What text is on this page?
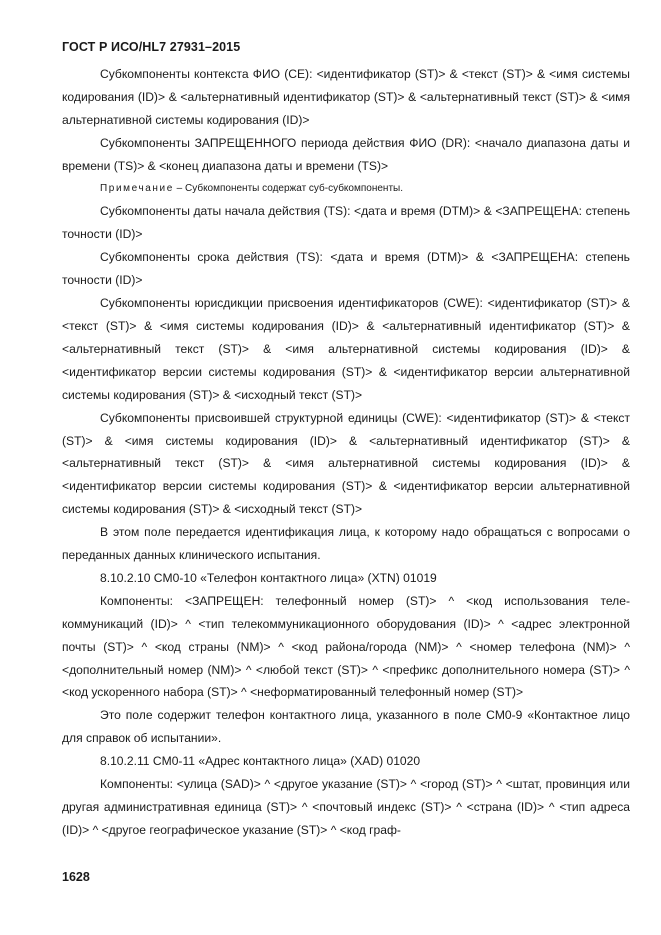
ГОСТ Р ИСО/HL7 27931–2015

Субкомпоненты контекста ФИО (CE): <идентификатор (ST)> & <текст (ST)> & <имя системы кодирования (ID)> & <альтернативный идентификатор (ST)> & <альтернативный текст (ST)> & <имя альтернативной системы кодирования (ID)>

Субкомпоненты ЗАПРЕЩЕННОГО периода действия ФИО (DR): <начало диапазона даты и времени (TS)> & <конец диапазона даты и времени (TS)>

Примечание – Субкомпоненты содержат суб-субкомпоненты.

Субкомпоненты даты начала действия (TS): <дата и время (DTM)> & <ЗАПРЕЩЕНА: степень точности (ID)>

Субкомпоненты срока действия (TS): <дата и время (DTM)> & <ЗАПРЕЩЕНА: степень точности (ID)>

Субкомпоненты юрисдикции присвоения идентификаторов (CWE): <идентификатор (ST)> & <текст (ST)> & <имя системы кодирования (ID)> & <альтернативный идентификатор (ST)> & <альтернативный текст (ST)> & <имя альтернативной системы кодирования (ID)> & <идентификатор версии системы кодирования (ST)> & <идентификатор версии альтернативной системы кодирования (ST)> & <исходный текст (ST)>

Субкомпоненты присвоившей структурной единицы (CWE): <идентификатор (ST)> & <текст (ST)> & <имя системы кодирования (ID)> & <альтернативный идентификатор (ST)> & <альтернативный текст (ST)> & <имя альтернативной системы кодирования (ID)> & <идентификатор версии системы кодирования (ST)> & <идентификатор версии альтернативной системы кодирования (ST)> & <исходный текст (ST)>

В этом поле передается идентификация лица, к которому надо обращаться с вопросами о переданных данных клинического испытания.

8.10.2.10 CM0-10 «Телефон контактного лица» (XTN) 01019

Компоненты: <ЗАПРЕЩЕН: телефонный номер (ST)> ^ <код использования телекоммуникаций (ID)> ^ <тип телекоммуникационного оборудования (ID)> ^ <адрес электронной почты (ST)> ^ <код страны (NM)> ^ <код района/города (NM)> ^ <номер телефона (NM)> ^ <дополнительный номер (NM)> ^ <любой текст (ST)> ^ <префикс дополнительного номера (ST)> ^ <код ускоренного набора (ST)> ^ <неформатированный телефонный номер (ST)>

Это поле содержит телефон контактного лица, указанного в поле CM0-9 «Контактное лицо для справок об испытании».

8.10.2.11 CM0-11 «Адрес контактного лица» (XAD) 01020

Компоненты: <улица (SAD)> ^ <другое указание (ST)> ^ <город (ST)> ^ <штат, провинция или другая административная единица (ST)> ^ <почтовый индекс (ST)> ^ <страна (ID)> ^ <тип адреса (ID)> ^ <другое географическое указание (ST)> ^ <код граф-

1628
